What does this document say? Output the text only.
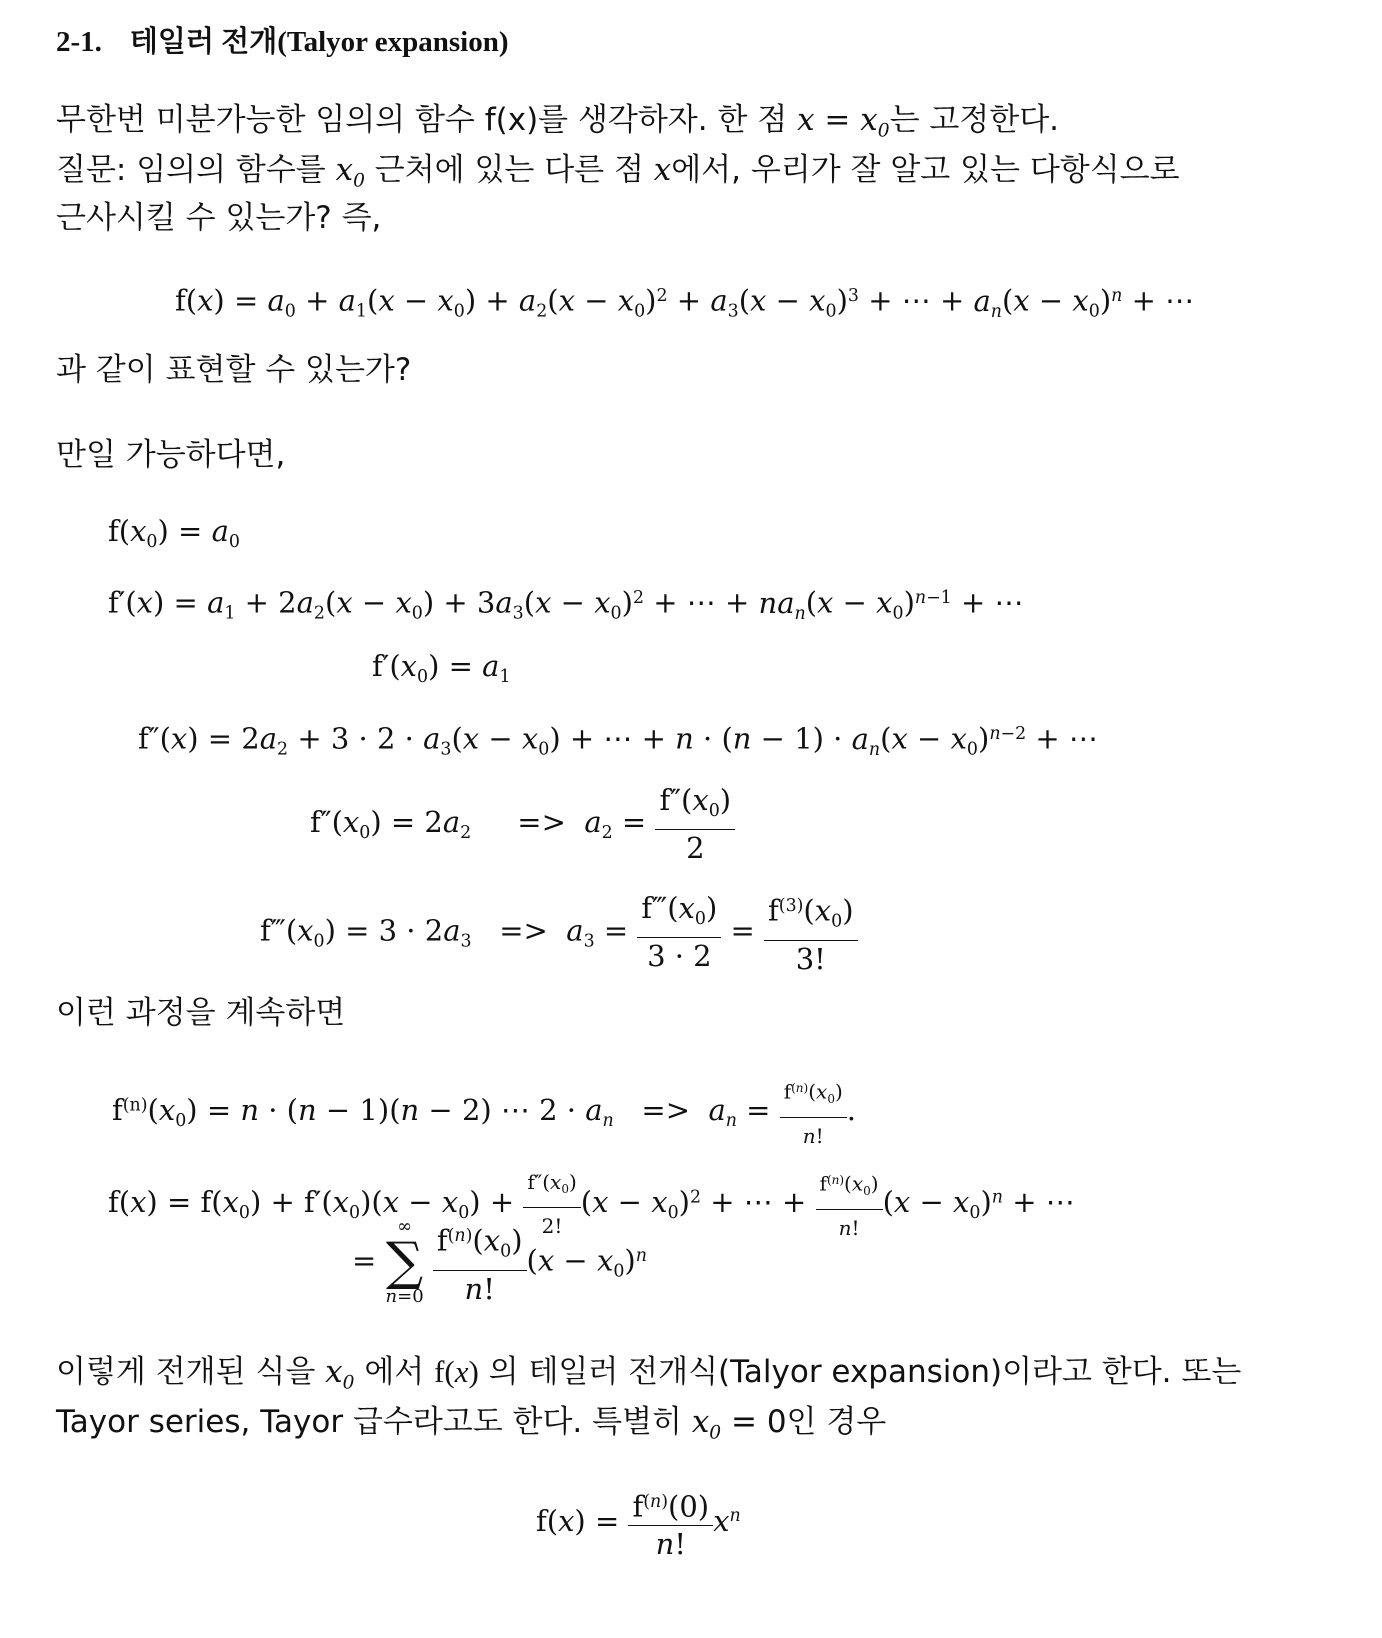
2-1. 테일러 전개(Talyor expansion)
무한번 미분가능한 임의의 함수 f(x)를 생각하자. 한 점 $x = x_0$는 고정한다.
질문: 임의의 함수를 $x_0$ 근처에 있는 다른 점 x에서, 우리가 잘 알고 있는 다항식으로
근사시킬 수 있는가? 즉,
$f(x) = a_0 + a_1(x - x_0) + a_2(x - x_0)^2 + a_3(x - x_0)^3$ + ⋯ + $a_n(x - x_0)^n$ + ⋯
과 같이 표현할 수 있는가?
만일 가능하다면,
$f(x_0) = a_0$
$f'(x) = a_1 + 2a_2(x - x_0) + 3a_3(x - x_0)^2$ + ⋯ + $na_n(x - x_0)^{n-1}$ + ⋯
$f'(x_0) = a_1$
$f''(x) = 2a_2 + 3 \cdot 2 \cdot a_3(x - x_0)$ + ⋯ + $n \cdot (n - 1) \cdot a_n(x - x_0)^{n-2}$ + ⋯
$f''(x_0) = 2a_2$     =>  $a_2 = \frac{f''(x_0)}{2}$
$f‴(x_0) = 3 \cdot 2a_3 => a_3 = \frac{f‴(x_0)}{3 \cdot 2} = \frac{f^{(3)}(x_0)}{3!}$
이런 과정을 계속하면
$f^{(n)}(x_0) = n \cdot (n - 1)(n - 2)$ ⋯ $2 \cdot a_n => a_n = \frac{f^{(n)}(x_0)}{n!}$ .
$f(x) = f(x_0) + f'(x_0)(x - x_0) + \frac{f''(x_0)}{2!} (x - x_0)^2$ + ⋯ + $\frac{f^{(n)}(x_0)}{n!} (x - x_0)^n$ + ⋯
=
∞
∑
n=0
$\frac{f^{(n)}(x_0)}{n!} (x - x_0)^n$
이렇게 전개된 식을 $x_0$ 에서 f(x) 의 테일러 전개식(Talyor expansion)이라고 한다. 또는
Tayor series, Tayor 급수라고도 한다. 특별히 $x_0 = 0$인 경우
$f(x) = \frac{f^{(n)}(0)}{n!} x^n$
